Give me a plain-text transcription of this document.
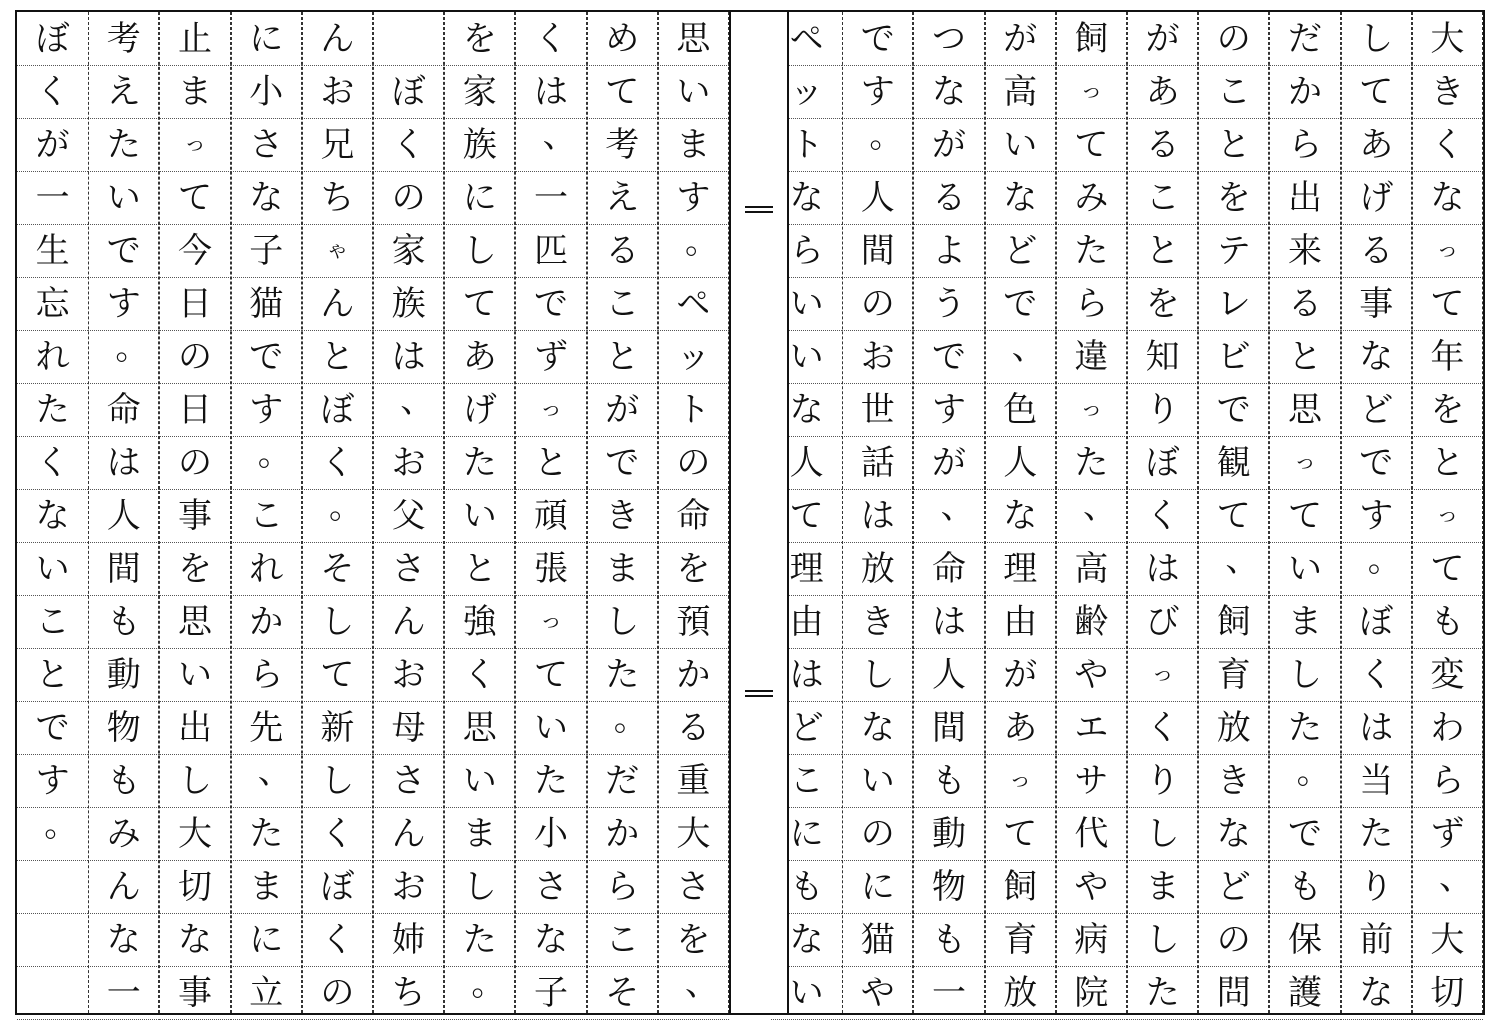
大
き
く
な
っ
て
年
を
と
っ
て
も
変
わ
ら
ず
、
大
切
し
て
あ
げ
る
事
な
ど
で
す
。
ぼ
く
は
当
た
り
前
な
だ
か
ら
出
来
る
と
思
っ
て
い
ま
し
た
。
で
も
保
護
の
こ
と
を
テ
レ
ビ
で
観
て
、
飼
育
放
き
な
ど
の
問
が
あ
る
こ
と
を
知
り
ぼ
く
は
び
っ
く
り
し
ま
し
た
飼
っ
て
み
た
ら
違
っ
た
、
高
齢
や
エ
サ
代
や
病
院
が
高
い
な
ど
で
、
色
人
な
理
由
が
あ
っ
て
飼
育
放
つ
な
が
る
よ
う
で
す
が
、
命
は
人
間
も
動
物
も
一
で
す
。
人
間
の
お
世
話
は
放
き
し
な
い
の
に
猫
や
ペ
ッ
ト
な
ら
い
い
な
人
て
理
由
は
ど
こ
に
も
な
い
思
い
ま
す
。
ペ
ッ
ト
の
命
を
預
か
る
重
大
さ
を
、
め
て
考
え
る
こ
と
が
で
き
ま
し
た
。
だ
か
ら
こ
そ
く
は
、
一
匹
で
ず
っ
と
頑
張
っ
て
い
た
小
さ
な
子
を
家
族
に
し
て
あ
げ
た
い
と
強
く
思
い
ま
し
た
。

ぼ
く
の
家
族
は
、
お
父
さ
ん
お
母
さ
ん
お
姉
ち
ん
お
兄
ち
ゃ
ん
と
ぼ
く
。
そ
し
て
新
し
く
ぼ
く
の
に
小
さ
な
子
猫
で
す
。
こ
れ
か
ら
先
、
た
ま
に
立
止
ま
っ
て
今
日
の
日
の
事
を
思
い
出
し
大
切
な
事
考
え
た
い
で
す
。
命
は
人
間
も
動
物
も
み
ん
な
一
ぼ
く
が
一
生
忘
れ
た
く
な
い
こ
と
で
す
。
